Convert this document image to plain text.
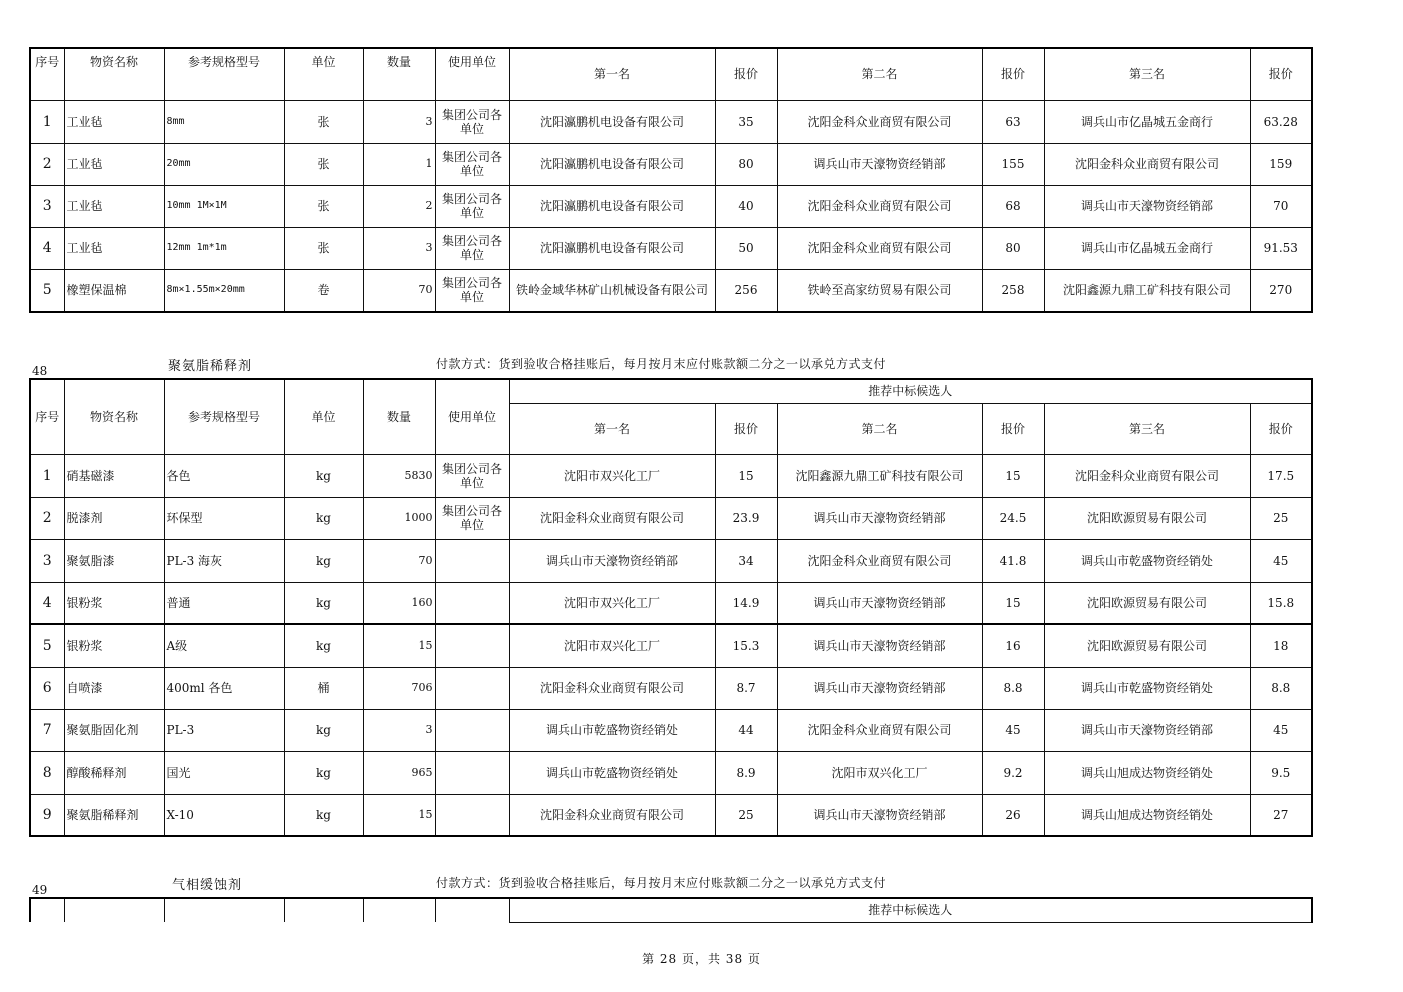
序号	物资名称	参考规格型号	单位	数量	使用单位	第一名	报价	第二名	报价	第三名	报价
1	工业毡	8mm	张	3	集团公司各单位	沈阳瀛鹏机电设备有限公司	35	沈阳金科众业商贸有限公司	63	调兵山市亿晶城五金商行	63.28
2	工业毡	20mm	张	1	集团公司各单位	沈阳瀛鹏机电设备有限公司	80	调兵山市天濠物资经销部	155	沈阳金科众业商贸有限公司	159
3	工业毡	10mm 1M×1M	张	2	集团公司各单位	沈阳瀛鹏机电设备有限公司	40	沈阳金科众业商贸有限公司	68	调兵山市天濠物资经销部	70
4	工业毡	12mm 1m*1m	张	3	集团公司各单位	沈阳瀛鹏机电设备有限公司	50	沈阳金科众业商贸有限公司	80	调兵山市亿晶城五金商行	91.53
5	橡塑保温棉	8m×1.55m×20mm	卷	70	集团公司各单位	铁岭金域华林矿山机械设备有限公司	256	铁岭至高家纺贸易有限公司	258	沈阳鑫源九鼎工矿科技有限公司	270
48	聚氨脂稀释剂	付款方式：货到验收合格挂账后，每月按月末应付账款额二分之一以承兑方式支付
序号	物资名称	参考规格型号	单位	数量	使用单位	推荐中标候选人					
						第一名	报价	第二名	报价	第三名	报价
1	硝基磁漆	各色	kg	5830	集团公司各单位	沈阳市双兴化工厂	15	沈阳鑫源九鼎工矿科技有限公司	15	沈阳金科众业商贸有限公司	17.5
2	脱漆剂	环保型	kg	1000	集团公司各单位	沈阳金科众业商贸有限公司	23.9	调兵山市天濠物资经销部	24.5	沈阳欧源贸易有限公司	25
3	聚氨脂漆	PL-3 海灰	kg	70		调兵山市天濠物资经销部	34	沈阳金科众业商贸有限公司	41.8	调兵山市乾盛物资经销处	45
4	银粉浆	普通	kg	160		沈阳市双兴化工厂	14.9	调兵山市天濠物资经销部	15	沈阳欧源贸易有限公司	15.8
5	银粉浆	A级	kg	15		沈阳市双兴化工厂	15.3	调兵山市天濠物资经销部	16	沈阳欧源贸易有限公司	18
6	自喷漆	400ml 各色	桶	706		沈阳金科众业商贸有限公司	8.7	调兵山市天濠物资经销部	8.8	调兵山市乾盛物资经销处	8.8
7	聚氨脂固化剂	PL-3	kg	3		调兵山市乾盛物资经销处	44	沈阳金科众业商贸有限公司	45	调兵山市天濠物资经销部	45
8	醇酸稀释剂	国光	kg	965		调兵山市乾盛物资经销处	8.9	沈阳市双兴化工厂	9.2	调兵山旭成达物资经销处	9.5
9	聚氨脂稀释剂	X-10	kg	15		沈阳金科众业商贸有限公司	25	调兵山市天濠物资经销部	26	调兵山旭成达物资经销处	27
49	气相缓蚀剂	付款方式：货到验收合格挂账后，每月按月末应付账款额二分之一以承兑方式支付
						推荐中标候选人
第 28 页，共 38 页
